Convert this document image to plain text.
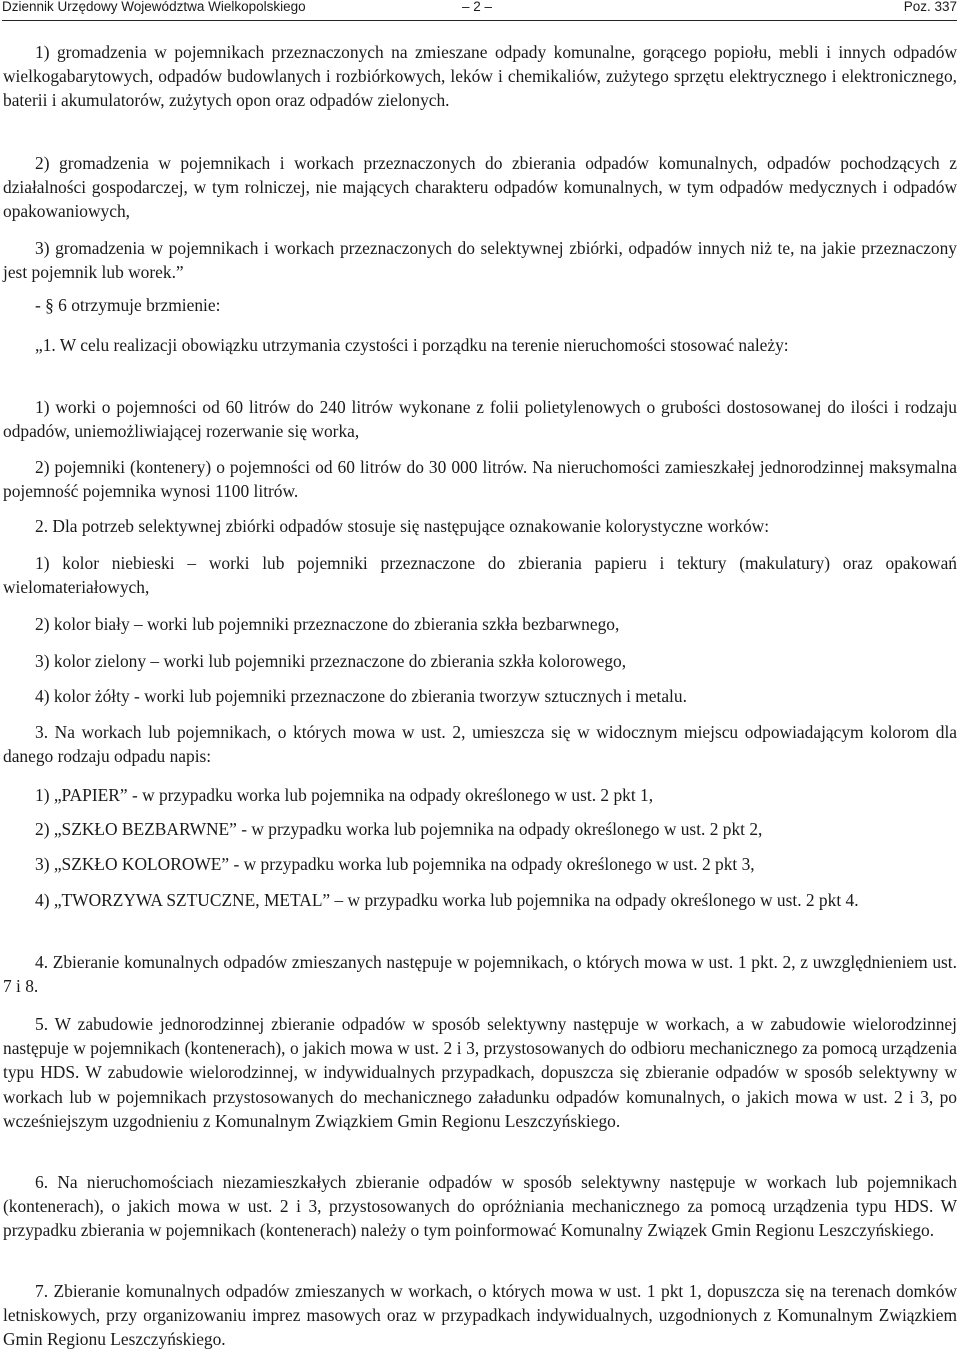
Dziennik Urzędowy Województwa Wielkopolskiego	– 2 –	Poz. 337

1) gromadzenia w pojemnikach przeznaczonych na zmieszane odpady komunalne, gorącego popiołu, mebli i innych odpadów wielkogabarytowych, odpadów budowlanych i rozbiórkowych, leków i chemikaliów, zużytego sprzętu elektrycznego i elektronicznego, baterii i akumulatorów, zużytych opon oraz odpadów zielonych.

2) gromadzenia w pojemnikach i workach przeznaczonych do zbierania odpadów komunalnych, odpadów pochodzących z działalności gospodarczej, w tym rolniczej, nie mających charakteru odpadów komunalnych, w tym odpadów medycznych i odpadów opakowaniowych,

3) gromadzenia w pojemnikach i workach przeznaczonych do selektywnej zbiórki, odpadów innych niż te, na jakie przeznaczony jest pojemnik lub worek.”

- § 6 otrzymuje brzmienie:

„1. W celu realizacji obowiązku utrzymania czystości i porządku na terenie nieruchomości stosować należy:

1) worki o pojemności od 60 litrów do 240 litrów wykonane z folii polietylenowych o grubości dostosowanej do ilości i rodzaju odpadów, uniemożliwiającej rozerwanie się worka,

2) pojemniki (kontenery) o pojemności od 60 litrów do 30 000 litrów. Na nieruchomości zamieszkałej jednorodzinnej maksymalna pojemność pojemnika wynosi 1100 litrów.

2. Dla potrzeb selektywnej zbiórki odpadów stosuje się następujące oznakowanie kolorystyczne worków:

1) kolor niebieski – worki lub pojemniki przeznaczone do zbierania papieru i tektury (makulatury) oraz opakowań wielomateriałowych,

2) kolor biały – worki lub pojemniki przeznaczone do zbierania szkła bezbarwnego,

3) kolor zielony – worki lub pojemniki przeznaczone do zbierania szkła kolorowego,

4) kolor żółty - worki lub pojemniki przeznaczone do zbierania tworzyw sztucznych i metalu.

3. Na workach lub pojemnikach, o których mowa w ust. 2, umieszcza się w widocznym miejscu odpowiadającym kolorom dla danego rodzaju odpadu napis:

1) „PAPIER” - w przypadku worka lub pojemnika na odpady określonego w ust. 2 pkt 1,

2) „SZKŁO BEZBARWNE” - w przypadku worka lub pojemnika na odpady określonego w ust. 2 pkt 2,

3) „SZKŁO KOLOROWE” - w przypadku worka lub pojemnika na odpady określonego w ust. 2 pkt 3,

4) „TWORZYWA SZTUCZNE, METAL” – w przypadku worka lub pojemnika na odpady określonego w ust. 2 pkt 4.

4. Zbieranie komunalnych odpadów zmieszanych następuje w pojemnikach, o których mowa w ust. 1 pkt. 2, z uwzględnieniem ust. 7 i 8.

5. W zabudowie jednorodzinnej zbieranie odpadów w sposób selektywny następuje w workach, a w zabudowie wielorodzinnej następuje w pojemnikach (kontenerach), o jakich mowa w ust. 2 i 3, przystosowanych do odbioru mechanicznego za pomocą urządzenia typu HDS. W zabudowie wielorodzinnej, w indywidualnych przypadkach, dopuszcza się zbieranie odpadów w sposób selektywny w workach lub w pojemnikach przystosowanych do mechanicznego załadunku odpadów komunalnych, o jakich mowa w ust. 2 i 3, po wcześniejszym uzgodnieniu z Komunalnym Związkiem Gmin Regionu Leszczyńskiego.

6. Na nieruchomościach niezamieszkałych zbieranie odpadów w sposób selektywny następuje w workach lub pojemnikach (kontenerach), o jakich mowa w ust. 2 i 3, przystosowanych do opróżniania mechanicznego za pomocą urządzenia typu HDS. W przypadku zbierania w pojemnikach (kontenerach) należy o tym poinformować Komunalny Związek Gmin Regionu Leszczyńskiego.

7. Zbieranie komunalnych odpadów zmieszanych w workach, o których mowa w ust. 1 pkt 1, dopuszcza się na terenach domków letniskowych, przy organizowaniu imprez masowych oraz w przypadkach indywidualnych, uzgodnionych z Komunalnym Związkiem Gmin Regionu Leszczyńskiego.
